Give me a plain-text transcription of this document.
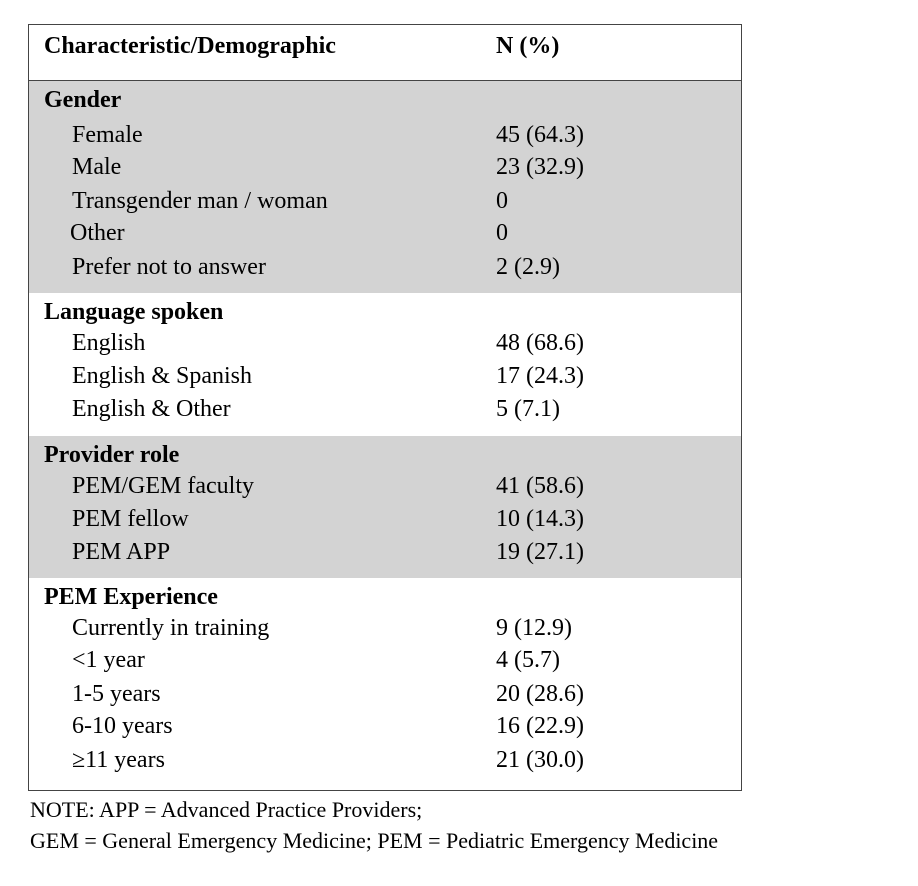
Characteristic/Demographic	N (%)
Gender
Female	45 (64.3)
Male	23 (32.9)
Transgender man / woman	0
Other	0
Prefer not to answer	2 (2.9)
Language spoken
English	48 (68.6)
English & Spanish	17 (24.3)
English & Other	5 (7.1)
Provider role
PEM/GEM faculty	41 (58.6)
PEM fellow	10 (14.3)
PEM APP	19 (27.1)
PEM Experience
Currently in training	9 (12.9)
<1 year	4 (5.7)
1-5 years	20 (28.6)
6-10 years	16 (22.9)
≥11 years	21 (30.0)
NOTE: APP = Advanced Practice Providers;
GEM = General Emergency Medicine; PEM = Pediatric Emergency Medicine
